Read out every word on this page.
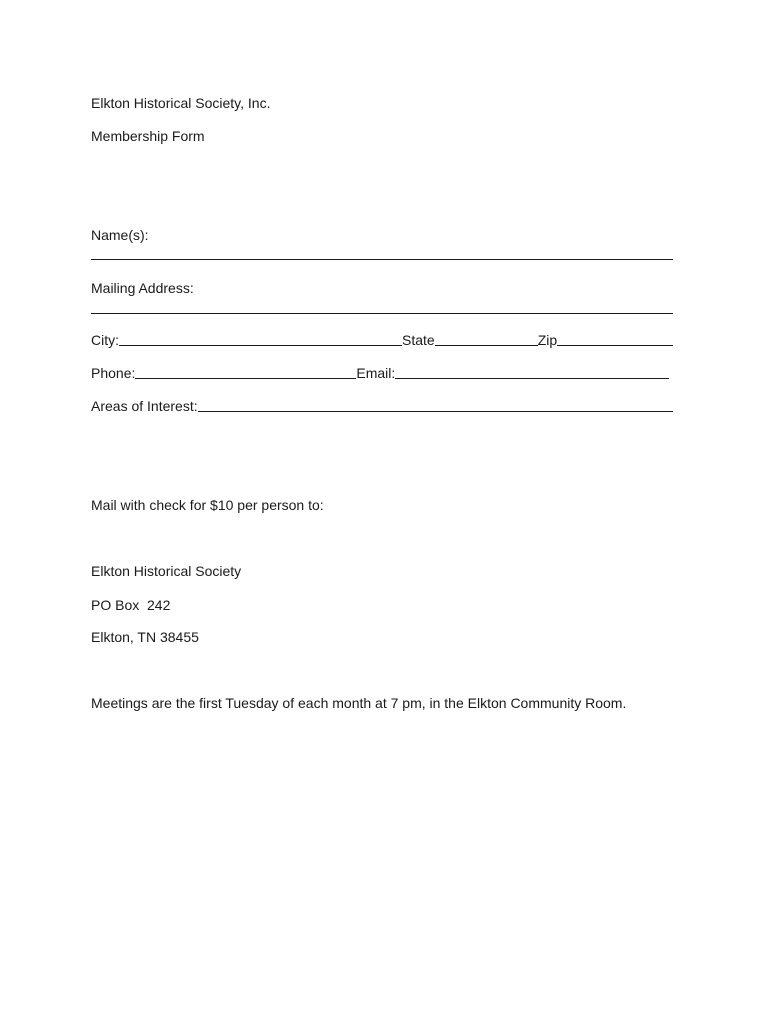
Elkton Historical Society, Inc.
Membership Form
Name(s):
Mailing Address:
City:	State	Zip
Phone:	Email:
Areas of Interest:
Mail with check for $10 per person to:
Elkton Historical Society
PO Box  242
Elkton, TN 38455
Meetings are the first Tuesday of each month at 7 pm, in the Elkton Community Room.
